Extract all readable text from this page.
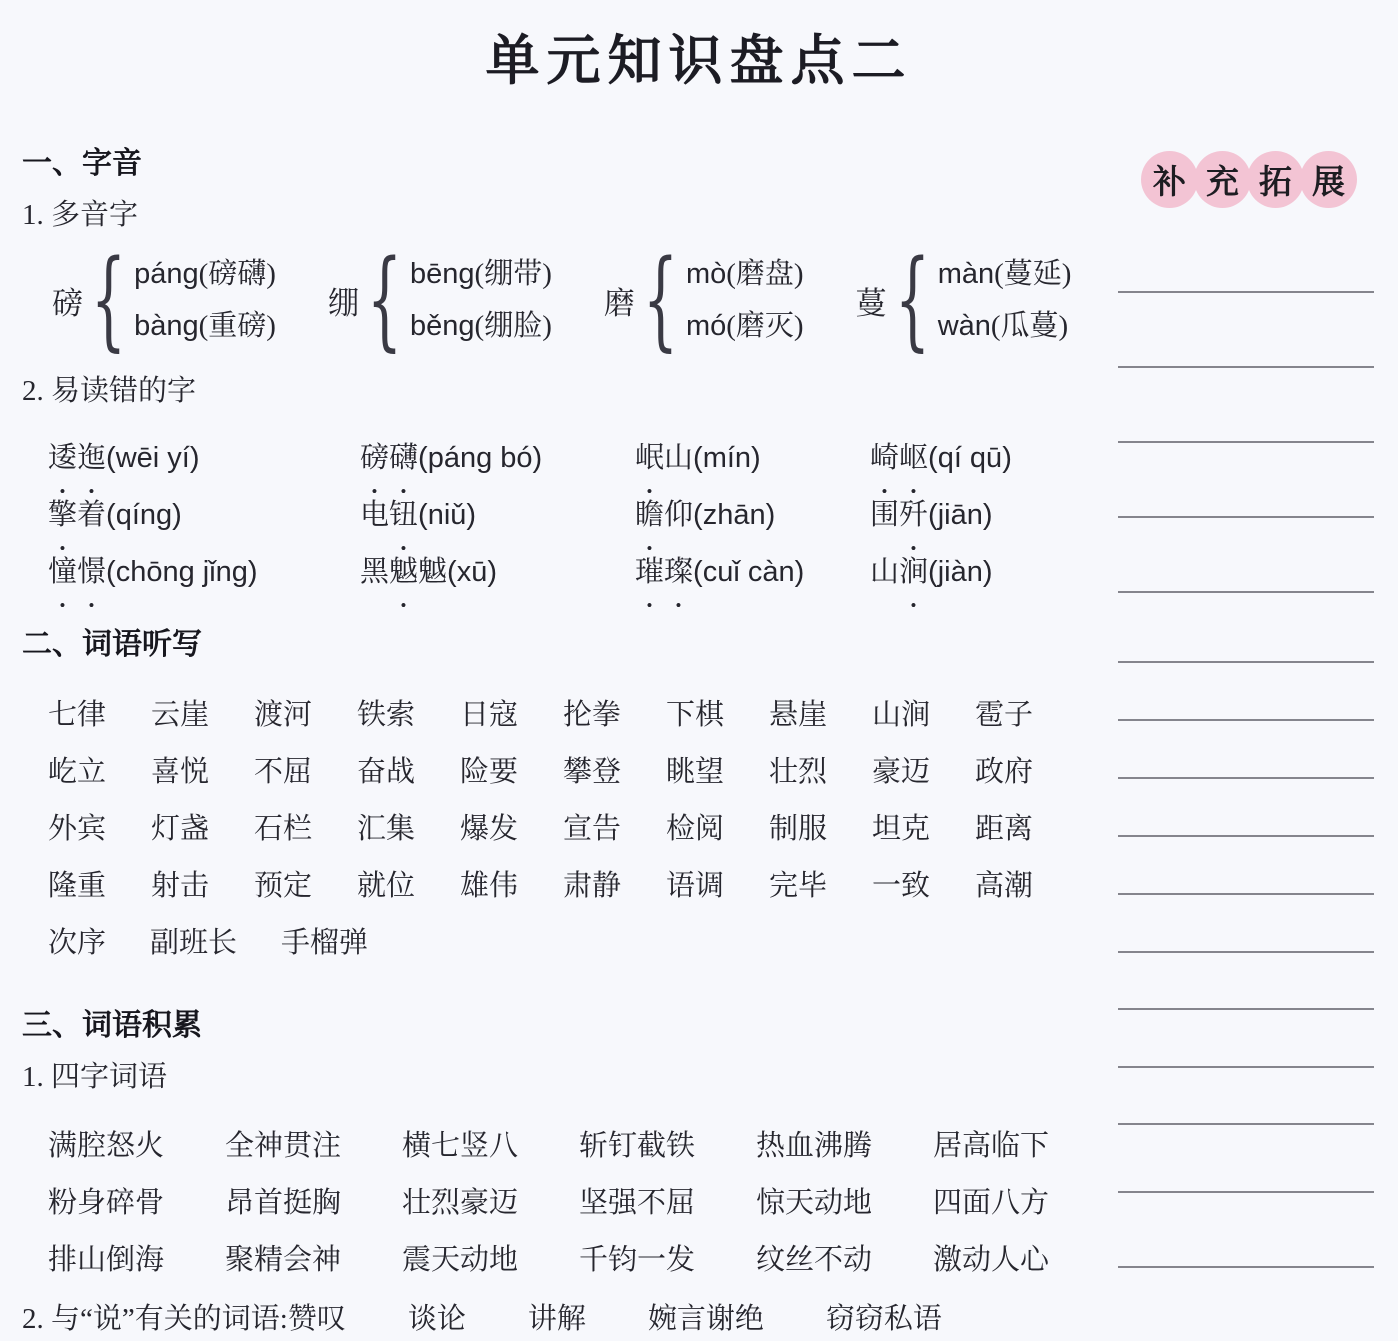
单元知识盘点二
补 充 拓 展
一、字音
1. 多音字
磅
{
páng(磅礴)
bàng(重磅)
绷
{
bēng(绷带)
běng(绷脸)
磨
{
mò(磨盘)
mó(磨灭)
蔓
{
màn(蔓延)
wàn(瓜蔓)
2. 易读错的字
逶迤(wēi yí)	磅礴(páng bó)	岷山(mín)	崎岖(qí qū)
擎着(qíng)	电钮(niǔ)	瞻仰(zhān)	围歼(jiān)
憧憬(chōng jǐng)	黑魆魆(xū)	璀璨(cuǐ càn)	山涧(jiàn)
二、词语听写
七律	云崖	渡河	铁索	日寇	抡拳	下棋	悬崖	山涧	雹子
屹立	喜悦	不屈	奋战	险要	攀登	眺望	壮烈	豪迈	政府
外宾	灯盏	石栏	汇集	爆发	宣告	检阅	制服	坦克	距离
隆重	射击	预定	就位	雄伟	肃静	语调	完毕	一致	高潮
次序 副班长 手榴弹
三、词语积累
1. 四字词语
满腔怒火	全神贯注	横七竖八	斩钉截铁	热血沸腾	居高临下
粉身碎骨	昂首挺胸	壮烈豪迈	坚强不屈	惊天动地	四面八方
排山倒海	聚精会神	震天动地	千钧一发	纹丝不动	激动人心
2. 与“说”有关的词语:赞叹 谈论 讲解 婉言谢绝 窃窃私语
